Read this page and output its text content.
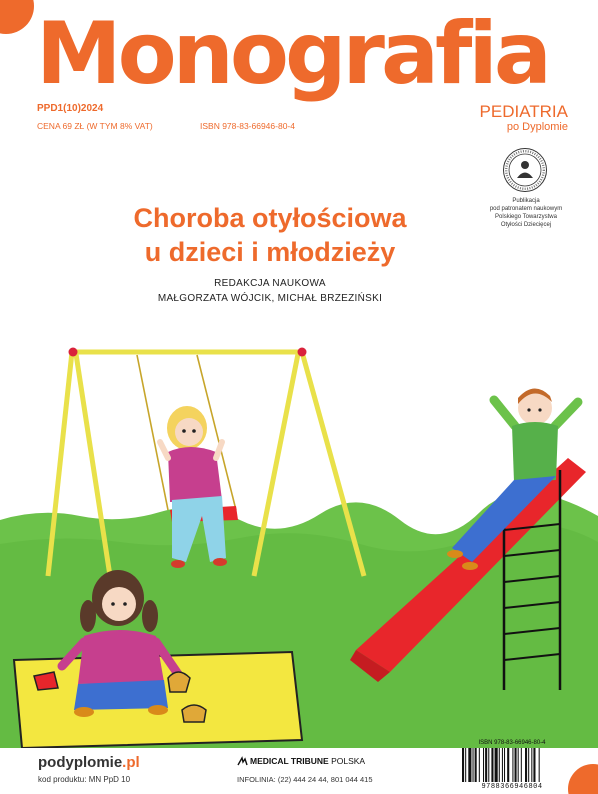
Monografia
PPD1(10)2024
CENA 69 ZŁ (W TYM 8% VAT)	ISBN 978-83-66946-80-4
PEDIATRIA
po Dyplomie
Publikacja
pod patronatem naukowym
Polskiego Towarzystwa
Otyłości Dziecięcej
Choroba otyłościowa
u dzieci i młodzieży
REDAKCJA NAUKOWA
MAŁGORZATA WÓJCIK, MICHAŁ BRZEZIŃSKI
podyplomie.pl
kod produktu: MN PpD 10
MEDICAL TRIBUNE POLSKA
INFOLINIA: (22) 444 24 44, 801 044 415
ISBN 978-83-66946-80-4
9788366946804
